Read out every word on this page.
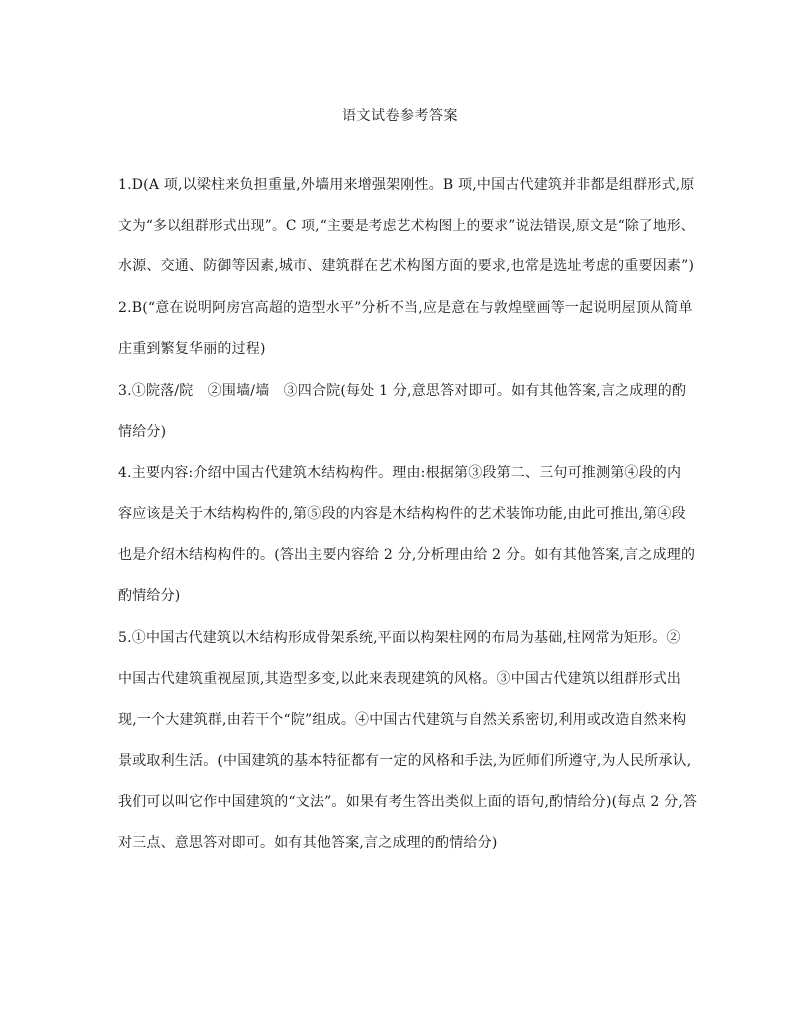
语文试卷参考答案
1.D(A 项,以梁柱来负担重量,外墙用来增强架刚性。B 项,中国古代建筑并非都是组群形式,原
文为“多以组群形式出现”。C 项,“主要是考虑艺术构图上的要求”说法错误,原文是“除了地形、
水源、交通、防御等因素,城市、建筑群在艺术构图方面的要求,也常是选址考虑的重要因素”)
2.B(“意在说明阿房宫高超的造型水平”分析不当,应是意在与敦煌壁画等一起说明屋顶从简单
庄重到繁复华丽的过程)
3.①院落/院　②围墙/墙　③四合院(每处 1 分,意思答对即可。如有其他答案,言之成理的酌
情给分)
4.主要内容:介绍中国古代建筑木结构构件。理由:根据第③段第二、三句可推测第④段的内
容应该是关于木结构构件的,第⑤段的内容是木结构构件的艺术装饰功能,由此可推出,第④段
也是介绍木结构构件的。(答出主要内容给 2 分,分析理由给 2 分。如有其他答案,言之成理的
酌情给分)
5.①中国古代建筑以木结构形成骨架系统,平面以构架柱网的布局为基础,柱网常为矩形。②
中国古代建筑重视屋顶,其造型多变,以此来表现建筑的风格。③中国古代建筑以组群形式出
现,一个大建筑群,由若干个“院”组成。④中国古代建筑与自然关系密切,利用或改造自然来构
景或取利生活。(中国建筑的基本特征都有一定的风格和手法,为匠师们所遵守,为人民所承认,
我们可以叫它作中国建筑的“文法”。如果有考生答出类似上面的语句,酌情给分)(每点 2 分,答
对三点、意思答对即可。如有其他答案,言之成理的酌情给分)
